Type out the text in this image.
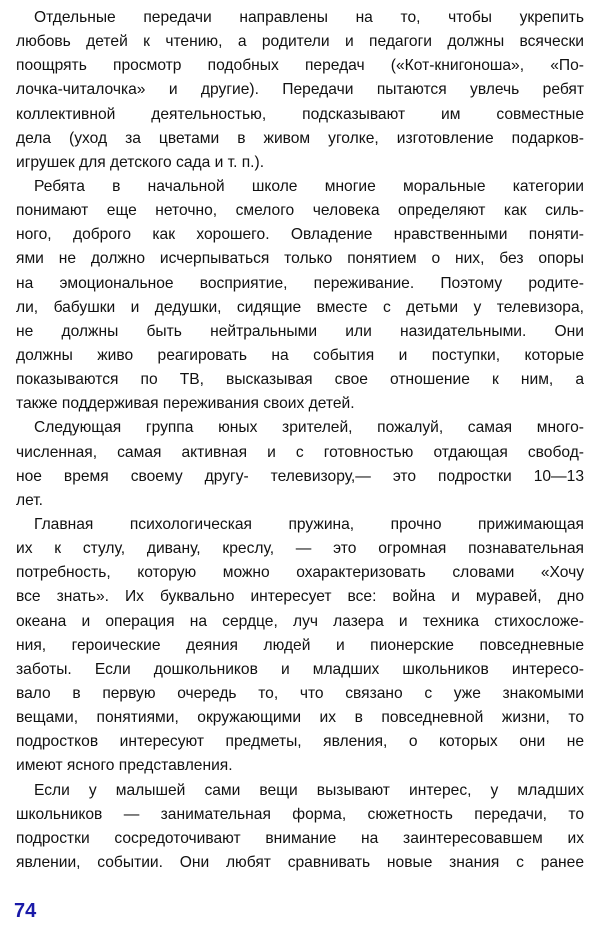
Отдельные передачи направлены на то, чтобы укрепить
любовь детей к чтению, а родители и педагоги должны всячески
поощрять просмотр подобных передач («Кот-книгоноша», «По-
лочка-читалочка» и другие). Передачи пытаются увлечь ребят
коллективной деятельностью, подсказывают им совместные
дела (уход за цветами в живом уголке, изготовление подарков-
игрушек для детского сада и т. п.).
Ребята в начальной школе многие моральные категории
понимают еще неточно, смелого человека определяют как силь-
ного, доброго как хорошего. Овладение нравственными поняти-
ями не должно исчерпываться только понятием о них, без опоры
на эмоциональное восприятие, переживание. Поэтому родите-
ли, бабушки и дедушки, сидящие вместе с детьми у телевизора,
не должны быть нейтральными или назидательными. Они
должны живо реагировать на события и поступки, которые
показываются по ТВ, высказывая свое отношение к ним, а
также поддерживая переживания своих детей.
Следующая группа юных зрителей, пожалуй, самая много-
численная, самая активная и с готовностью отдающая свобод-
ное время своему другу- телевизору,— это подростки 10—13
лет.
Главная психологическая пружина, прочно прижимающая
их к стулу, дивану, креслу, — это огромная познавательная
потребность, которую можно охарактеризовать словами «Хочу
все знать». Их буквально интересует все: война и муравей, дно
океана и операция на сердце, луч лазера и техника стихосложе-
ния, героические деяния людей и пионерские повседневные
заботы. Если дошкольников и младших школьников интересо-
вало в первую очередь то, что связано с уже знакомыми
вещами, понятиями, окружающими их в повседневной жизни, то
подростков интересуют предметы, явления, о которых они не
имеют ясного представления.
Если у малышей сами вещи вызывают интерес, у младших
школьников — занимательная форма, сюжетность передачи, то
подростки сосредоточивают внимание на заинтересовавшем их
явлении, событии. Они любят сравнивать новые знания с ранее
74
